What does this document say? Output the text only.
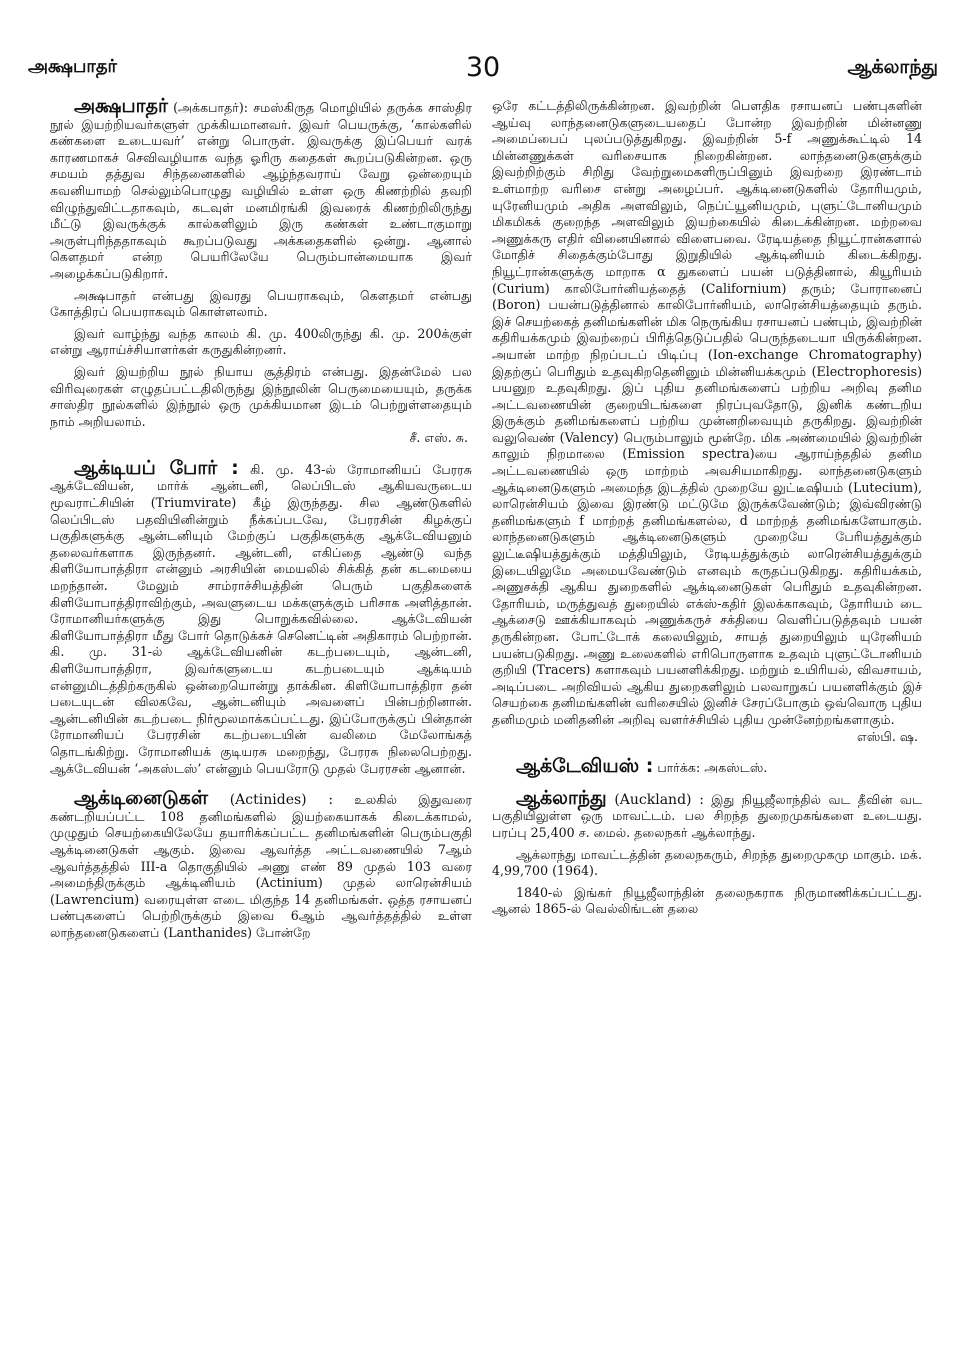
அக்ஷபாதர்	30	ஆக்லாந்து

அக்ஷபாதர் (அக்கபாதர்): சமஸ்கிருத மொழியில் தருக்க சாஸ்திர நூல் இயற்றியவர்களுள் முக்கியமானவர். இவர் பெயருக்கு, ‘கால்களில் கண்களை உடையவர்’ என்று பொருள். இவருக்கு இப்பெயர் வரக் காரணமாகச் செவிவழியாக வந்த ஓரிரு கதைகள் கூறப்படுகின்றன. ஒரு சமயம் தத்துவ சிந்தனைகளில் ஆழ்ந்தவராய் வேறு ஒன்றையும் கவனியாமற் செல்லும்பொழுது வழியில் உள்ள ஒரு கிணற்றில் தவறி விழுந்துவிட்டதாகவும், கடவுள் மனமிரங்கி இவரைக் கிணற்றிலிருந்து மீட்டு இவருக்குக் கால்களிலும் இரு கண்கள் உண்டாகுமாறு அருள்புரிந்ததாகவும் கூறப்படுவது அக்கதைகளில் ஒன்று. ஆனால் கௌதமர் என்ற பெயரிலேயே பெரும்பான்மையாக இவர் அழைக்கப்படுகிறார்.

அக்ஷபாதர் என்பது இவரது பெயராகவும், கௌதமர் என்பது கோத்திரப் பெயராகவும் கொள்ளலாம்.

இவர் வாழ்ந்து வந்த காலம் கி. மு. 400லிருந்து கி. மு. 200க்குள் என்று ஆராய்ச்சியாளர்கள் கருதுகின்றனர்.

இவர் இயற்றிய நூல் நியாய சூத்திரம் என்பது. இதன்மேல் பல விரிவுரைகள் எழுதப்பட்டதிலிருந்து இந்நூலின் பெருமையையும், தருக்க சாஸ்திர நூல்களில் இந்நூல் ஒரு முக்கியமான இடம் பெற்றுள்ளதையும் நாம் அறியலாம்.
சீ. எஸ். சு.

ஆக்டியப் போர் : கி. மு. 43-ல் ரோமானியப் பேரரசு ஆக்டேவியன், மார்க் ஆன்டனி, லெப்பிடஸ் ஆகியவருடைய மூவராட்சியின் (Triumvirate) கீழ் இருந்தது. சில ஆண்டுகளில் லெப்பிடஸ் பதவியினின்றும் நீக்கப்படவே, பேரரசின் கிழக்குப் பகுதிகளுக்கு ஆன்டனியும் மேற்குப் பகுதிகளுக்கு ஆக்டேவியனும் தலைவர்களாக இருந்தனர். ஆன்டனி, எகிப்தை ஆண்டு வந்த கிளியோபாத்திரா என்னும் அரசியின் மையலில் சிக்கித் தன் கடமையை மறந்தான். மேலும் சாம்ராச்சியத்தின் பெரும் பகுதிகளைக் கிளியோபாத்திராவிற்கும், அவளுடைய மக்களுக்கும் பரிசாக அளித்தான். ரோமானியர்களுக்கு இது பொறுக்கவில்லை. ஆக்டேவியன் கிளியோபாத்திரா மீது போர் தொடுக்கச் செனெட்டின் அதிகாரம் பெற்றான். கி. மு. 31-ல் ஆக்டேவியனின் கடற்படையும், ஆன்டனி, கிளியோபாத்திரா, இவர்களுடைய கடற்படையும் ஆக்டியம் என்னுமிடத்திற்கருகில் ஒன்றையொன்று தாக்கின. கிளியோபாத்திரா தன் படையுடன் விலகவே, ஆன்டனியும் அவளைப் பின்பற்றினான். ஆன்டனியின் கடற்படை நிர்மூலமாக்கப்பட்டது. இப்போருக்குப் பின்தான் ரோமானியப் பேரரசின் கடற்படையின் வலிமை மேலோங்கத் தொடங்கிற்று. ரோமானியக் குடியரசு மறைந்து, பேரரசு நிலைபெற்றது. ஆக்டேவியன் ‘அகஸ்டஸ்’ என்னும் பெயரோடு முதல் பேரரசன் ஆனான்.

ஆக்டினைடுகள் (Actinides) : உலகில் இதுவரை கண்டறியப்பட்ட 108 தனிமங்களில் இயற்கையாகக் கிடைக்காமல், முழுதும் செயற்கையிலேயே தயாரிக்கப்பட்ட தனிமங்களின் பெரும்பகுதி ஆக்டினைடுகள் ஆகும். இவை ஆவர்த்த அட்டவணையில் 7ஆம் ஆவர்த்தத்தில் III-a தொகுதியில் அணு எண் 89 முதல் 103 வரை அமைந்திருக்கும் ஆக்டினியம் (Actinium) முதல் லாரென்சியம் (Lawrencium) வரையுள்ள எடை மிகுந்த 14 தனிமங்கள். ஒத்த ரசாயனப் பண்புகளைப் பெற்றிருக்கும் இவை 6ஆம் ஆவர்த்தத்தில் உள்ள லாந்தனைடுகளைப் (Lanthanides) போன்றே

ஒரே கட்டத்திலிருக்கின்றன. இவற்றின் பௌதிக ரசாயனப் பண்புகளின் ஆய்வு லாந்தனைடுகளுடையதைப் போன்ற இவற்றின் மின்னணு அமைப்பைப் புலப்படுத்துகிறது. இவற்றின் 5-f அணுக்கூட்டில் 14 மின்னணுக்கள் வரிசையாக நிறைகின்றன. லாந்தனைடுகளுக்கும் இவற்றிற்கும் சிறிது வேற்றுமைகளிருப்பினும் இவற்றை இரண்டாம் உள்மாற்ற வரிசை என்று அழைப்பர். ஆக்டினைடுகளில் தோரியமும், யுரேனியமும் அதிக அளவிலும், நெப்ட்யூனியமும், புளுட்டோனியமும் மிகமிகக் குறைந்த அளவிலும் இயற்கையில் கிடைக்கின்றன. மற்றவை அணுக்கரு எதிர் வினையினால் விளைபவை. ரேடியத்தை நியூட்ரான்களால் மோதிச் சிதைக்கும்போது இறுதியில் ஆக்டினியம் கிடைக்கிறது. நியூட்ரான்களுக்கு மாறாக α துகளைப் பயன் படுத்தினால், கியூரியம் (Curium) காலிபோர்னியத்தைத் (Californium) தரும்; போரானைப் (Boron) பயன்படுத்தினால் காலிபோர்னியம், லாரென்சியத்தையும் தரும். இச் செயற்கைத் தனிமங்களின் மிக நெருங்கிய ரசாயனப் பண்பும், இவற்றின் கதிரியக்கமும் இவற்றைப் பிரித்தெடுப்பதில் பெருந்தடையா யிருக்கின்றன. அயான் மாற்ற நிறப்படப் பிடிப்பு (Ion-exchange Chromatography) இதற்குப் பெரிதும் உதவுகிறதெனினும் மின்னியக்கமும் (Electrophoresis) பயனுற உதவுகிறது. இப் புதிய தனிமங்களைப் பற்றிய அறிவு தனிம அட்டவணையின் குறையிடங்களை நிரப்புவதோடு, இனிக் கண்டறிய இருக்கும் தனிமங்களைப் பற்றிய முன்னறிவையும் தருகிறது. இவற்றின் வலுவெண் (Valency) பெரும்பாலும் மூன்றே. மிக அண்மையில் இவற்றின் காலும் நிறமாலை (Emission spectra)யை ஆராய்ந்ததில் தனிம அட்டவணையில் ஒரு மாற்றம் அவசியமாகிறது. லாந்தனைடுகளும் ஆக்டினைடுகளும் அமைந்த இடத்தில் முறையே லுட்டீஷியம் (Lutecium), லாரென்சியம் இவை இரண்டு மட்டுமே இருக்கவேண்டும்; இவ்விரண்டு தனிமங்களும் f மாற்றத் தனிமங்களல்ல, d மாற்றத் தனிமங்களேயாகும். லாந்தனைடுகளும் ஆக்டினைடுகளும் முறையே பேரியத்துக்கும் லுட்டீஷியத்துக்கும் மத்தியிலும், ரேடியத்துக்கும் லாரென்சியத்துக்கும் இடையிலுமே அமையவேண்டும் எனவும் கருதப்படுகிறது. கதிரியக்கம், அணுசக்தி ஆகிய துறைகளில் ஆக்டினைடுகள் பெரிதும் உதவுகின்றன. தோரியம், மருத்துவத் துறையில் எக்ஸ்-கதிர் இலக்காகவும், தோரியம் டை ஆக்சைடு ஊக்கியாகவும் அணுக்கருச் சக்தியை வெளிப்படுத்தவும் பயன் தருகின்றன. போட்டோக் கலையிலும், சாயத் துறையிலும் யுரேனியம் பயன்படுகிறது. அணு உலைகளில் எரிபொருளாக உதவும் புளுட்டோனியம் குறியி (Tracers) களாகவும் பயனளிக்கிறது. மற்றும் உயிரியல், விவசாயம், அடிப்படை அறிவியல் ஆகிய துறைகளிலும் பலவாறுகப் பயனளிக்கும் இச் செயற்கை தனிமங்களின் வரிசையில் இனிச் சேரப்போகும் ஒவ்வொரு புதிய தனிமமும் மனிதனின் அறிவு வளர்ச்சியில் புதிய முன்னேற்றங்களாகும்.
எஸ்பி. ஷ.

ஆக்டேவியஸ் : பார்க்க: அகஸ்டஸ்.

ஆக்லாந்து (Auckland) : இது நியூஜீலாந்தில் வட தீவின் வட பகுதியிலுள்ள ஒரு மாவட்டம். பல சிறந்த துறைமுகங்களை உடையது. பரப்பு 25,400 ச. மைல். தலைநகர் ஆக்லாந்து.

ஆக்லாந்து மாவட்டத்தின் தலைநகரும், சிறந்த துறைமுகமு மாகும். மக். 4,99,700 (1964).

1840-ல் இங்கர் நியூஜீலாந்தின் தலைநகராக நிருமாணிக்கப்பட்டது. ஆனல் 1865-ல் வெல்லிங்டன் தலை
